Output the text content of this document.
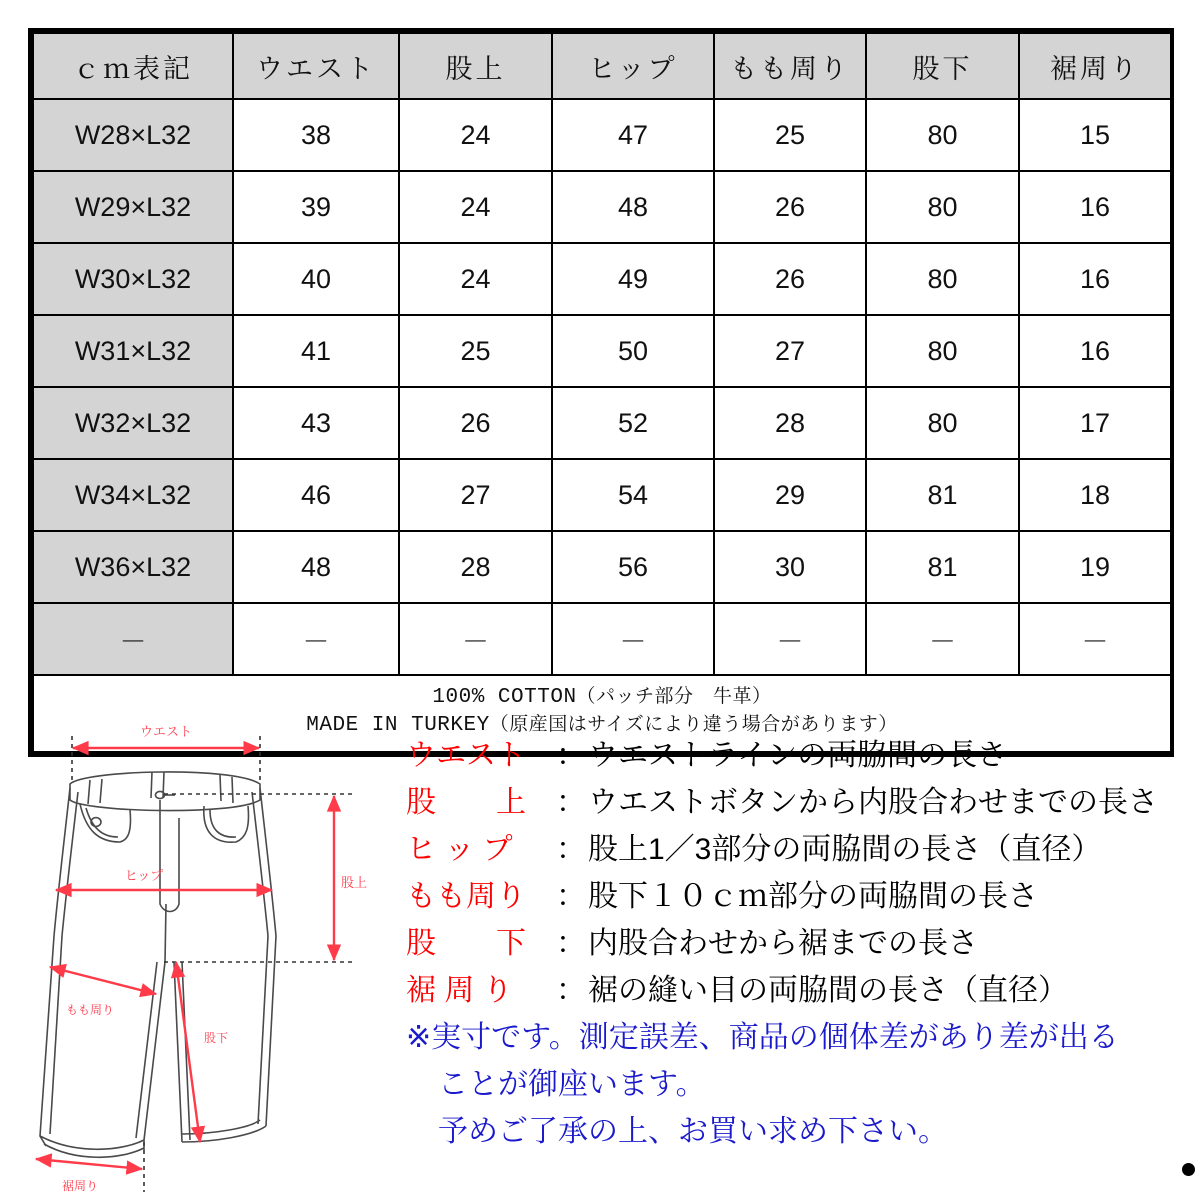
ｃｍ表記	ウエスト	股上	ヒップ	もも周り	股下	裾周り
W28×L32	38	24	47	25	80	15
W29×L32	39	24	48	26	80	16
W30×L32	40	24	49	26	80	16
W31×L32	41	25	50	27	80	16
W32×L32	43	26	52	28	80	17
W34×L32	46	27	54	29	81	18
W36×L32	48	28	56	30	81	19
－	－	－	－	－	－	－

100% COTTON（パッチ部分　牛革）
MADE IN TURKEY（原産国はサイズにより違う場合があります）						
ウエスト
股上
ヒップ
もも周り
股下
裾周り
ウエスト	： ウエストラインの両脇間の長さ
股　　上	： ウエストボタンから内股合わせまでの長さ
ヒ ッ プ	： 股上1／3部分の両脇間の長さ（直径）
もも周り	： 股下１０ｃｍ部分の両脇間の長さ
股　　下	： 内股合わせから裾までの長さ
裾 周 り	： 裾の縫い目の両脇間の長さ（直径）
※実寸です。測定誤差、商品の個体差があり差が出る
ことが御座います。
予めご了承の上、お買い求め下さい。
